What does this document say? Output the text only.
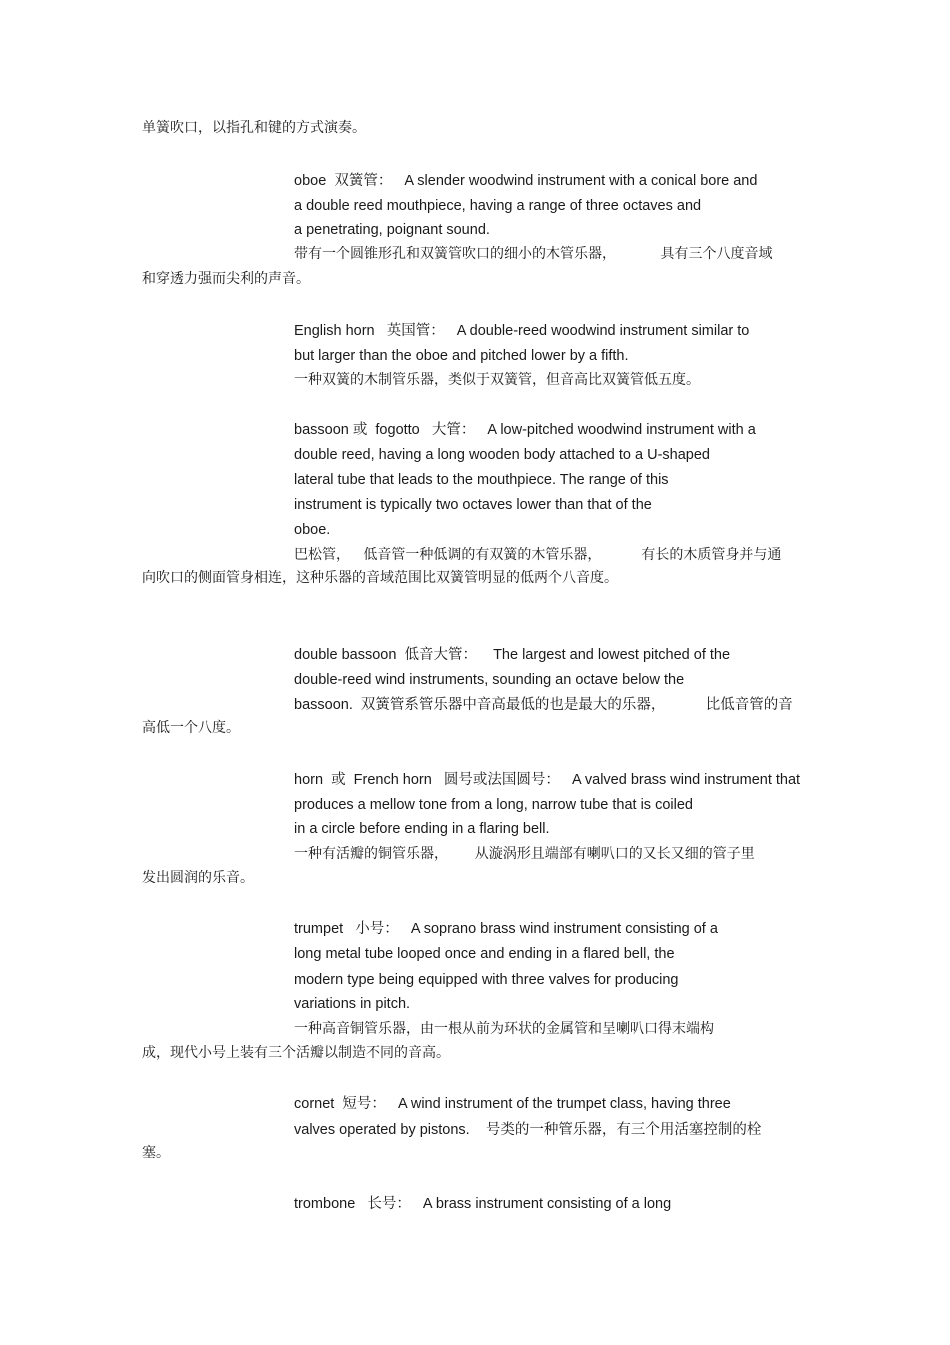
单簧吹口，以指孔和键的方式演奏。
oboe  双簧管：   A slender woodwind instrument with a conical bore and
a double reed mouthpiece, having a range of three octaves and
a penetrating, poignant sound.
带有一个圆锥形孔和双簧管吹口的细小的木管乐器，          具有三个八度音域
和穿透力强而尖利的声音。
English horn   英国管：   A double-reed woodwind instrument similar to
but larger than the oboe and pitched lower by a fifth.
一种双簧的木制管乐器，类似于双簧管，但音高比双簧管低五度。
bassoon 或  fogotto   大管：   A low-pitched woodwind instrument with a
double reed, having a long wooden body attached to a U-shaped
lateral tube that leads to the mouthpiece. The range of this
instrument is typically two octaves lower than that of the
oboe.
巴松管，   低音管一种低调的有双簧的木管乐器，         有长的木质管身并与通
向吹口的侧面管身相连，这种乐器的音域范围比双簧管明显的低两个八音度。
double bassoon  低音大管：    The largest and lowest pitched of the
double-reed wind instruments, sounding an octave below the
bassoon.  双簧管系管乐器中音高最低的也是最大的乐器，          比低音管的音
高低一个八度。
horn  或  French horn   圆号或法国圆号：   A valved brass wind instrument that
produces a mellow tone from a long, narrow tube that is coiled
in a circle before ending in a flaring bell.
一种有活瓣的铜管乐器，      从漩涡形且端部有喇叭口的又长又细的管子里
发出圆润的乐音。
trumpet   小号：   A soprano brass wind instrument consisting of a
long metal tube looped once and ending in a flared bell, the
modern type being equipped with three valves for producing
variations in pitch.
一种高音铜管乐器，由一根从前为环状的金属管和呈喇叭口得末端构
成，现代小号上装有三个活瓣以制造不同的音高。
cornet  短号：   A wind instrument of the trumpet class, having three
valves operated by pistons.    号类的一种管乐器，有三个用活塞控制的栓
塞。
trombone   长号：   A brass instrument consisting of a long
